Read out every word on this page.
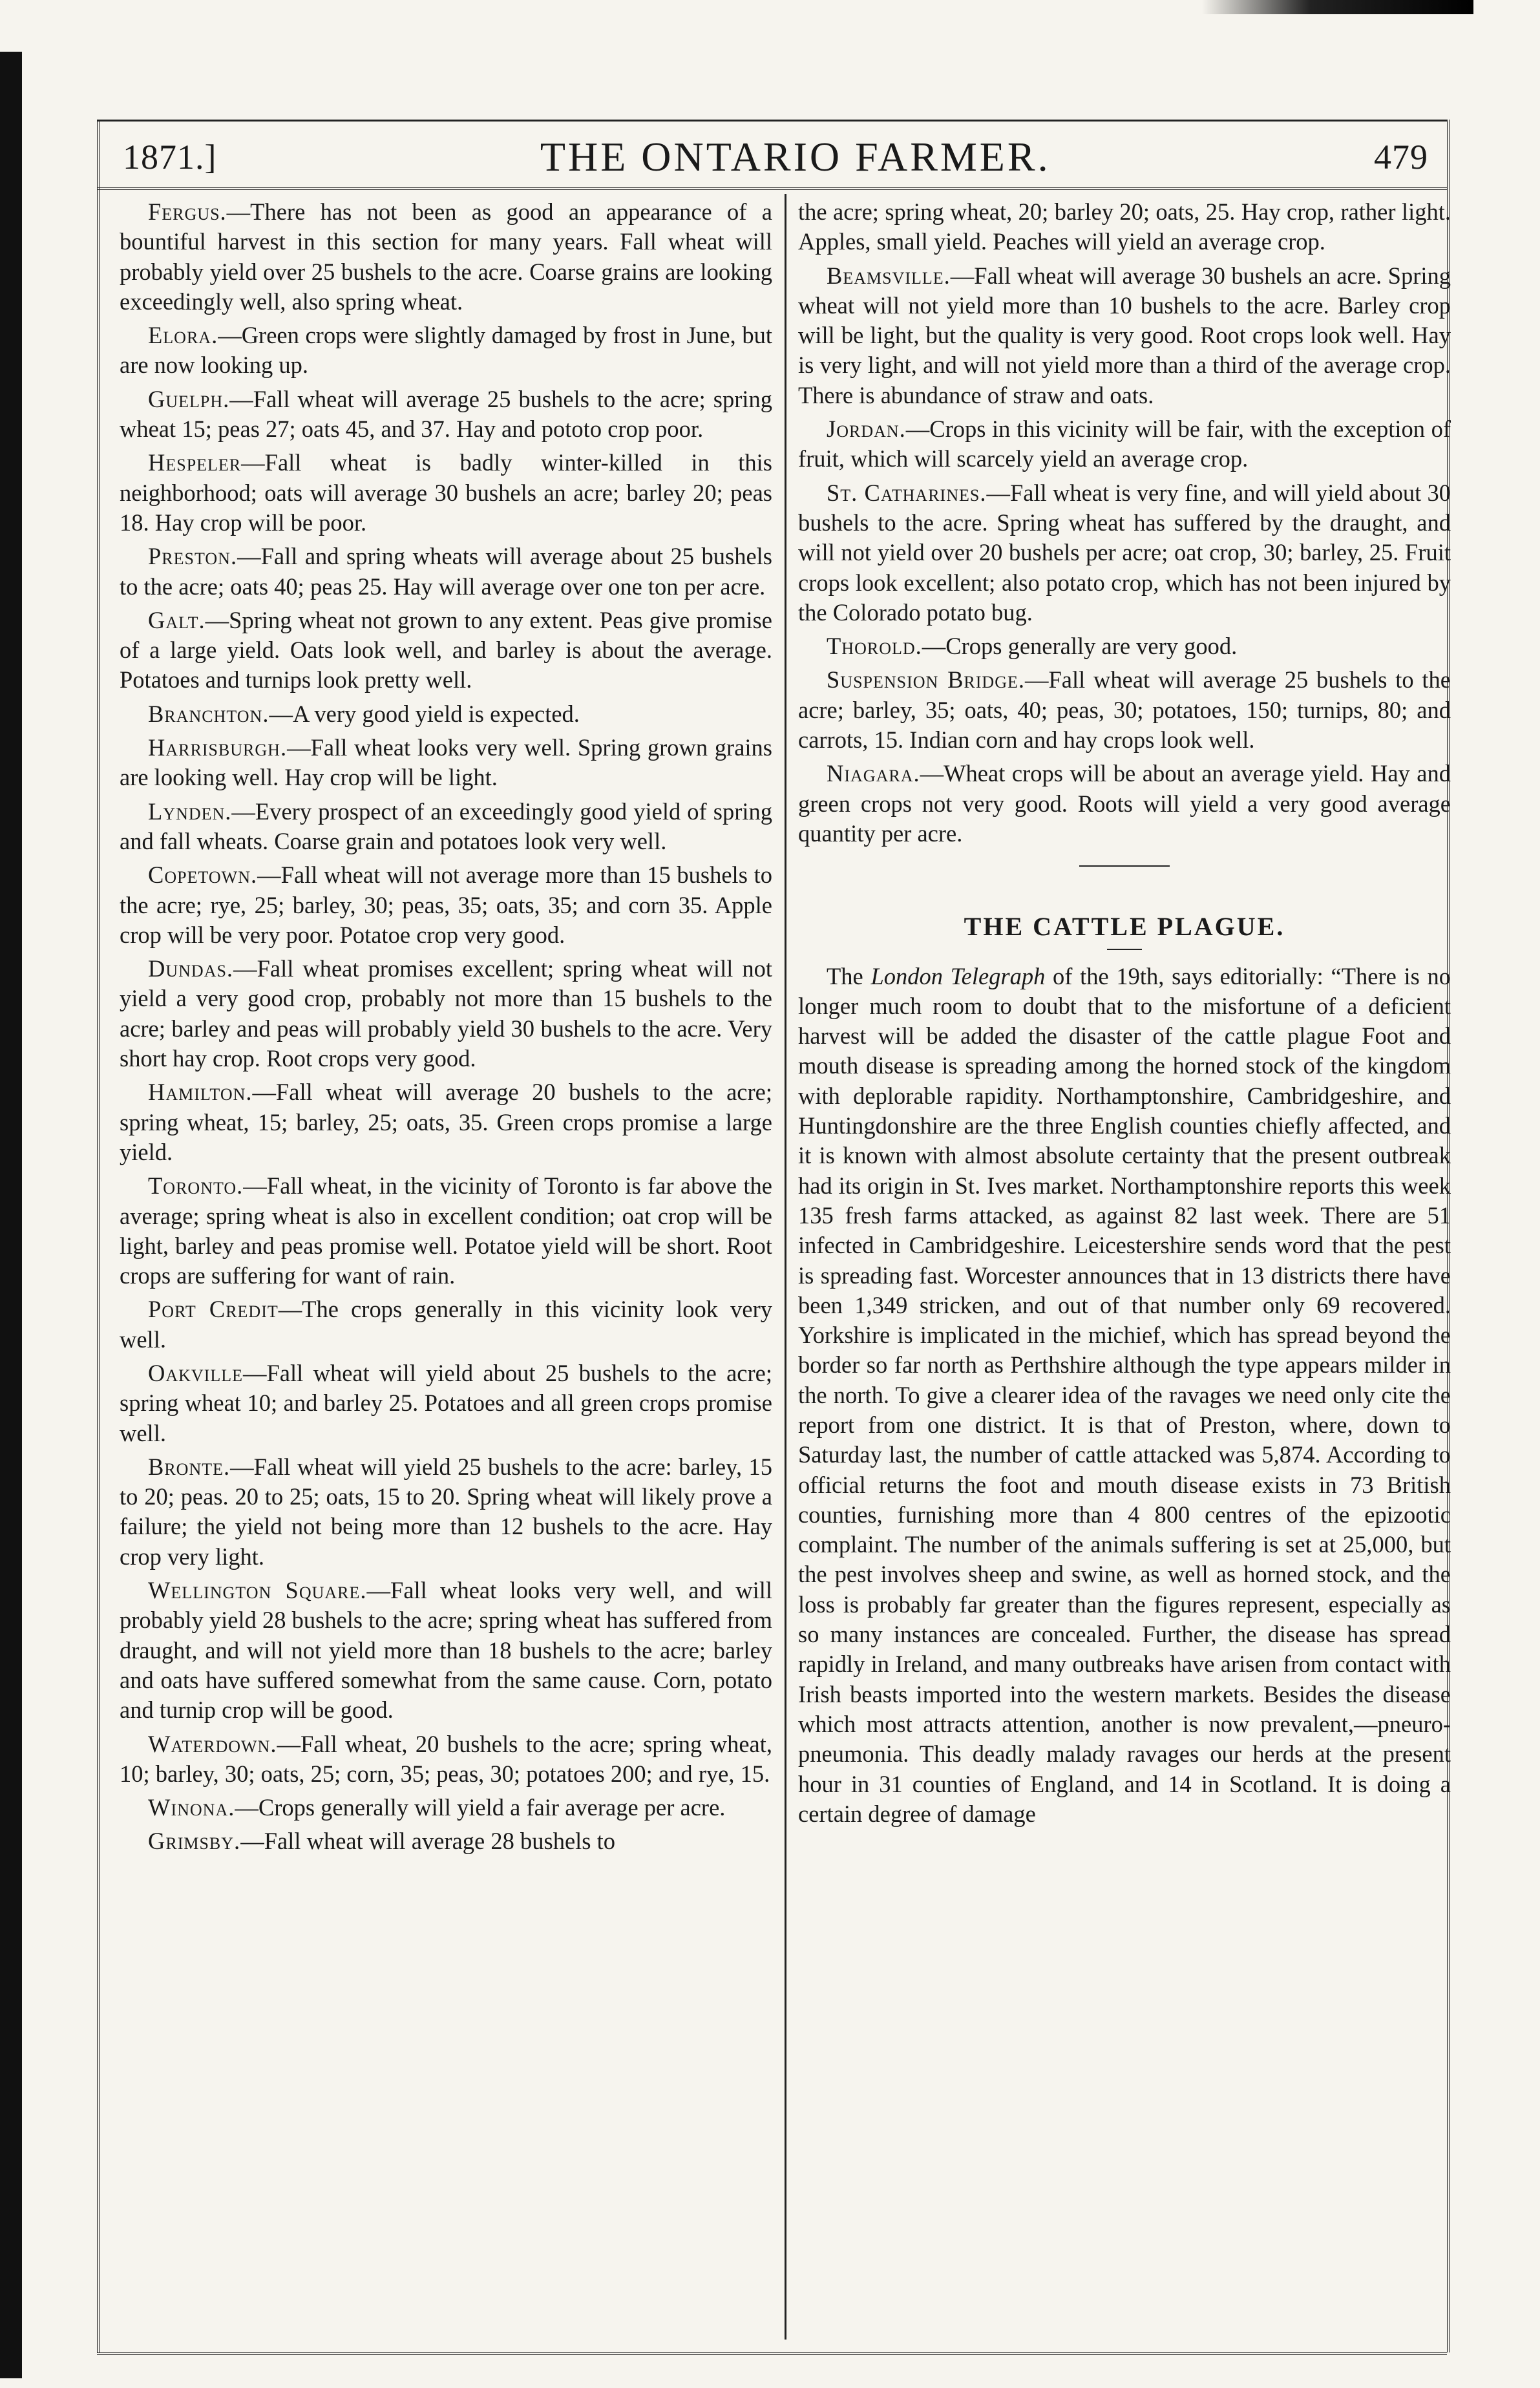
1871.]	THE ONTARIO FARMER.	479

Fergus.—There has not been as good an appearance of a bountiful harvest in this section for many years. Fall wheat will probably yield over 25 bushels to the acre. Coarse grains are looking exceedingly well, also spring wheat.

Elora.—Green crops were slightly damaged by frost in June, but are now looking up.

Guelph.—Fall wheat will average 25 bushels to the acre; spring wheat 15; peas 27; oats 45, and 37. Hay and pototo crop poor.

Hespeler—Fall wheat is badly winter-killed in this neighborhood; oats will average 30 bushels an acre; barley 20; peas 18. Hay crop will be poor.

Preston.—Fall and spring wheats will average about 25 bushels to the acre; oats 40; peas 25. Hay will average over one ton per acre.

Galt.—Spring wheat not grown to any extent. Peas give promise of a large yield. Oats look well, and barley is about the average. Potatoes and turnips look pretty well.

Branchton.—A very good yield is expected.

Harrisburgh.—Fall wheat looks very well. Spring grown grains are looking well. Hay crop will be light.

Lynden.—Every prospect of an exceedingly good yield of spring and fall wheats. Coarse grain and potatoes look very well.

Copetown.—Fall wheat will not average more than 15 bushels to the acre; rye, 25; barley, 30; peas, 35; oats, 35; and corn 35. Apple crop will be very poor. Potatoe crop very good.

Dundas.—Fall wheat promises excellent; spring wheat will not yield a very good crop, probably not more than 15 bushels to the acre; barley and peas will probably yield 30 bushels to the acre. Very short hay crop. Root crops very good.

Hamilton.—Fall wheat will average 20 bushels to the acre; spring wheat, 15; barley, 25; oats, 35. Green crops promise a large yield.

Toronto.—Fall wheat, in the vicinity of Toronto is far above the average; spring wheat is also in excellent condition; oat crop will be light, barley and peas promise well. Potatoe yield will be short. Root crops are suffering for want of rain.

Port Credit—The crops generally in this vicinity look very well.

Oakville—Fall wheat will yield about 25 bushels to the acre; spring wheat 10; and barley 25. Potatoes and all green crops promise well.

Bronte.—Fall wheat will yield 25 bushels to the acre: barley, 15 to 20; peas. 20 to 25; oats, 15 to 20. Spring wheat will likely prove a failure; the yield not being more than 12 bushels to the acre. Hay crop very light.

Wellington Square.—Fall wheat looks very well, and will probably yield 28 bushels to the acre; spring wheat has suffered from draught, and will not yield more than 18 bushels to the acre; barley and oats have suffered somewhat from the same cause. Corn, potato and turnip crop will be good.

Waterdown.—Fall wheat, 20 bushels to the acre; spring wheat, 10; barley, 30; oats, 25; corn, 35; peas, 30; potatoes 200; and rye, 15.

Winona.—Crops generally will yield a fair average per acre.

Grimsby.—Fall wheat will average 28 bushels to

the acre; spring wheat, 20; barley 20; oats, 25. Hay crop, rather light. Apples, small yield. Peaches will yield an average crop.

Beamsville.—Fall wheat will average 30 bushels an acre. Spring wheat will not yield more than 10 bushels to the acre. Barley crop will be light, but the quality is very good. Root crops look well. Hay is very light, and will not yield more than a third of the average crop. There is abundance of straw and oats.

Jordan.—Crops in this vicinity will be fair, with the exception of fruit, which will scarcely yield an average crop.

St. Catharines.—Fall wheat is very fine, and will yield about 30 bushels to the acre. Spring wheat has suffered by the draught, and will not yield over 20 bushels per acre; oat crop, 30; barley, 25. Fruit crops look excellent; also potato crop, which has not been injured by the Colorado potato bug.

Thorold.—Crops generally are very good.

Suspension Bridge.—Fall wheat will average 25 bushels to the acre; barley, 35; oats, 40; peas, 30; potatoes, 150; turnips, 80; and carrots, 15. Indian corn and hay crops look well.

Niagara.—Wheat crops will be about an average yield. Hay and green crops not very good. Roots will yield a very good average quantity per acre.

THE CATTLE PLAGUE.

The London Telegraph of the 19th, says editorially: “There is no longer much room to doubt that to the misfortune of a deficient harvest will be added the disaster of the cattle plague Foot and mouth disease is spreading among the horned stock of the kingdom with deplorable rapidity. Northamptonshire, Cambridgeshire, and Huntingdonshire are the three English counties chiefly affected, and it is known with almost absolute certainty that the present outbreak had its origin in St. Ives market. Northamptonshire reports this week 135 fresh farms attacked, as against 82 last week. There are 51 infected in Cambridgeshire. Leicestershire sends word that the pest is spreading fast. Worcester announces that in 13 districts there have been 1,349 stricken, and out of that number only 69 recovered. Yorkshire is implicated in the michief, which has spread beyond the border so far north as Perthshire although the type appears milder in the north. To give a clearer idea of the ravages we need only cite the report from one district. It is that of Preston, where, down to Saturday last, the number of cattle attacked was 5,874. According to official returns the foot and mouth disease exists in 73 British counties, furnishing more than 4 800 centres of the epizootic complaint. The number of the animals suffering is set at 25,000, but the pest involves sheep and swine, as well as horned stock, and the loss is probably far greater than the figures represent, especially as so many instances are concealed. Further, the disease has spread rapidly in Ireland, and many outbreaks have arisen from contact with Irish beasts imported into the western markets. Besides the disease which most attracts attention, another is now prevalent,—pneuro-pneumonia. This deadly malady ravages our herds at the present hour in 31 counties of England, and 14 in Scotland. It is doing a certain degree of damage
